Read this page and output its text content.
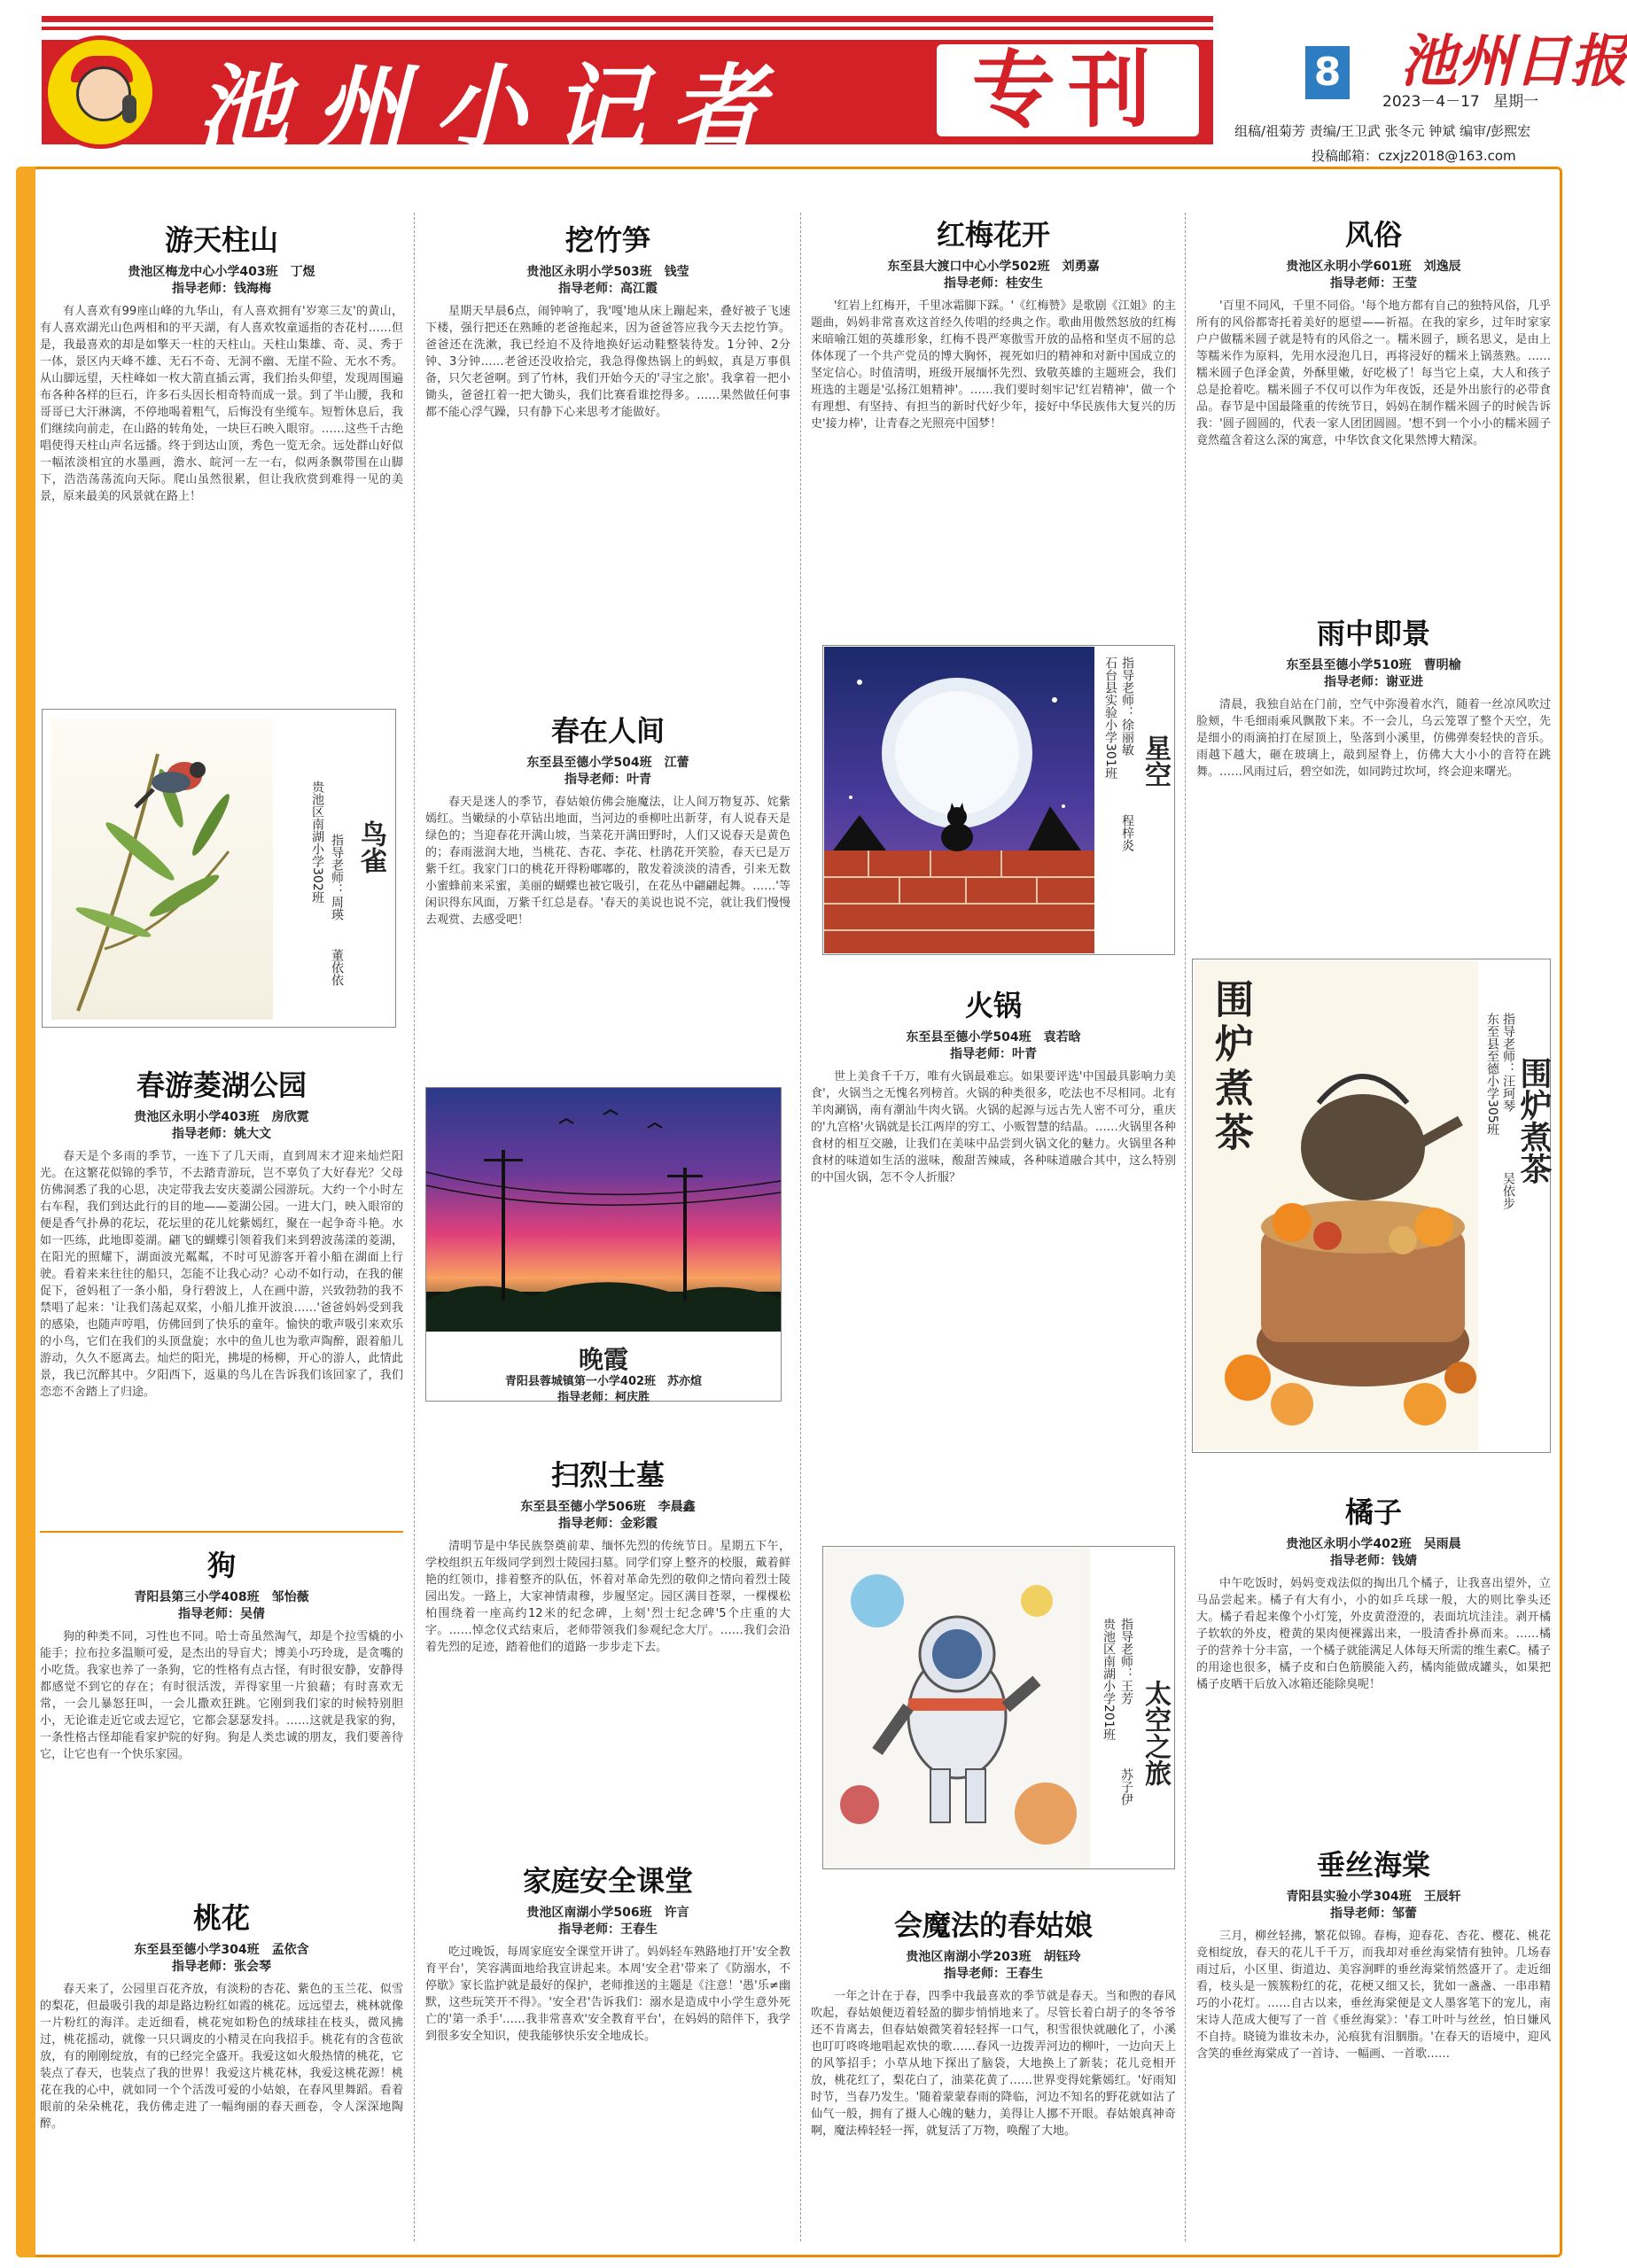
池州小记者	专刊	8 池州日报
2023－4－17 星期一
组稿/祖菊芳 责编/王卫武 张冬元 钟斌 编审/彭熙宏
投稿邮箱：czxjz2018@163.com
游天柱山
贵池区梅龙中心小学403班　丁煜
指导老师：钱海梅
有人喜欢有99座山峰的九华山，有人喜欢拥有'岁寒三友'的黄山，有人喜欢湖光山色两相和的平天湖，有人喜欢牧童遥指的杏花村……但是，我最喜欢的却是如擎天一柱的天柱山。天柱山集雄、奇、灵、秀于一体，景区内天峰不雄、无石不奇、无洞不幽、无崖不险、无水不秀。从山脚远望，天柱峰如一枚大箭直插云霄，我们抬头仰望，发现周围遍布各种各样的巨石，许多石头因长相奇特而成一景。到了半山腰，我和哥哥已大汗淋漓，不停地喝着粗气，后悔没有坐缆车。短暂休息后，我们继续向前走，在山路的转角处，一块巨石映入眼帘。……这些千古绝唱使得天柱山声名远播。终于到达山顶，秀色一览无余。远处群山好似一幅浓淡相宜的水墨画，澹水、皖河一左一右，似两条飘带围在山脚下，浩浩荡荡流向天际。爬山虽然很累，但让我欣赏到难得一见的美景，原来最美的风景就在路上！
鸟雀
贵池区南湖小学302班 指导老师：周瑛
董依依
春游菱湖公园
贵池区永明小学403班　房欣霓
指导老师：姚大文
春天是个多雨的季节，一连下了几天雨，直到周末才迎来灿烂阳光。在这繁花似锦的季节，不去踏青游玩，岂不辜负了大好春光？父母仿佛洞悉了我的心思，决定带我去安庆菱湖公园游玩。大约一个小时左右车程，我们到达此行的目的地——菱湖公园。一进大门，映入眼帘的便是香气扑鼻的花坛，花坛里的花儿姹紫嫣红，聚在一起争奇斗艳。水如一匹练，此地即菱湖。翩飞的蝴蝶引领着我们来到碧波荡漾的菱湖，在阳光的照耀下，湖面波光粼粼，不时可见游客开着小船在湖面上行驶。看着来来往往的船只，怎能不让我心动？心动不如行动，在我的催促下，爸妈租了一条小船，身行碧波上，人在画中游，兴致勃勃的我不禁唱了起来：'让我们荡起双桨，小船儿推开波浪……'爸爸妈妈受到我的感染，也随声哼唱，仿佛回到了快乐的童年。愉快的歌声吸引来欢乐的小鸟，它们在我们的头顶盘旋；水中的鱼儿也为歌声陶醉，跟着船儿游动，久久不愿离去。灿烂的阳光，拂堤的杨柳，开心的游人，此情此景，我已沉醉其中。夕阳西下，返巢的鸟儿在告诉我们该回家了，我们恋恋不舍踏上了归途。
狗
青阳县第三小学408班　邹怡薇
指导老师：吴倩
狗的种类不同，习性也不同。哈士奇虽然淘气，却是个拉雪橇的小能手；拉布拉多温顺可爱，是杰出的导盲犬；博美小巧玲珑，是贪嘴的小吃货。我家也养了一条狗，它的性格有点古怪，有时很安静，安静得都感觉不到它的存在；有时很活泼，弄得家里一片狼藉；有时喜欢无常，一会儿暴怒狂叫，一会儿撒欢狂跳。它刚到我们家的时候特别胆小，无论谁走近它或去逗它，它都会瑟瑟发抖。……这就是我家的狗，一条性格古怪却能看家护院的好狗。狗是人类忠诚的朋友，我们要善待它，让它也有一个快乐家园。
桃花
东至县至德小学304班　孟依含
指导老师：张会琴
春天来了，公园里百花齐放，有淡粉的杏花、紫色的玉兰花、似雪的梨花，但最吸引我的却是路边粉红如霞的桃花。远远望去，桃林就像一片粉红的海洋。走近细看，桃花宛如粉色的绒球挂在枝头，微风拂过，桃花摇动，就像一只只调皮的小精灵在向我招手。桃花有的含苞欲放，有的刚刚绽放，有的已经完全盛开。我爱这如火般热情的桃花，它装点了春天，也装点了我的世界！我爱这片桃花林，我爱这桃花源！桃花在我的心中，就如同一个个活泼可爱的小姑娘，在春风里舞蹈。看着眼前的朵朵桃花，我仿佛走进了一幅绚丽的春天画卷，令人深深地陶醉。
挖竹笋
贵池区永明小学503班　钱莹
指导老师：高江霞
星期天早晨6点，闹钟响了，我'嘎'地从床上蹦起来，叠好被子飞速下楼，强行把还在熟睡的老爸拖起来，因为爸爸答应我今天去挖竹笋。爸爸还在洗漱，我已经迫不及待地换好运动鞋整装待发。1分钟、2分钟、3分钟……老爸还没收拾完，我急得像热锅上的蚂蚁，真是万事俱备，只欠老爸啊。到了竹林，我们开始今天的'寻宝之旅'。我拿着一把小锄头，爸爸扛着一把大锄头，我们比赛看谁挖得多。……果然做任何事都不能心浮气躁，只有静下心来思考才能做好。
春在人间
东至县至德小学504班　江蕾
指导老师：叶青
春天是迷人的季节，春姑娘仿佛会施魔法，让人间万物复苏、姹紫嫣红。当嫩绿的小草钻出地面，当河边的垂柳吐出新芽，有人说春天是绿色的；当迎春花开满山坡，当菜花开满田野时，人们又说春天是黄色的；春雨滋润大地，当桃花、杏花、李花、杜鹃花开笑脸，春天已是万紫千红。我家门口的桃花开得粉嘟嘟的，散发着淡淡的清香，引来无数小蜜蜂前来采蜜，美丽的蝴蝶也被它吸引，在花丛中翩翩起舞。……'等闲识得东风面，万紫千红总是春。'春天的美说也说不完，就让我们慢慢去观赏、去感受吧！
晚霞
青阳县蓉城镇第一小学402班　苏亦煊
指导老师：柯庆胜
扫烈士墓
东至县至德小学506班　李晨鑫
指导老师：金彩霞
清明节是中华民族祭奠前辈、缅怀先烈的传统节日。星期五下午，学校组织五年级同学到烈士陵园扫墓。同学们穿上整齐的校服，戴着鲜艳的红领巾，排着整齐的队伍，怀着对革命先烈的敬仰之情向着烈士陵园出发。一路上，大家神情肃穆，步履坚定。园区满目苍翠，一棵棵松柏围绕着一座高约12米的纪念碑，上刻'烈士纪念碑'5个庄重的大字。……悼念仪式结束后，老师带领我们参观纪念大厅。……我们会沿着先烈的足迹，踏着他们的道路一步步走下去。
家庭安全课堂
贵池区南湖小学506班　许言
指导老师：王春生
吃过晚饭，每周家庭安全课堂开讲了。妈妈轻车熟路地打开'安全教育平台'，笑容满面地给我宣讲起来。本周'安全君'带来了《防溺水，不停歇》家长监护就是最好的保护，老师推送的主题是《注意！'愚'乐≠幽默，这些玩笑开不得》。'安全君'告诉我们：溺水是造成中小学生意外死亡的'第一杀手'……我非常喜欢'安全教育平台'，在妈妈的陪伴下，我学到很多安全知识，使我能够快乐安全地成长。
红梅花开
东至县大渡口中心小学502班　刘勇嘉
指导老师：桂安生
'红岩上红梅开，千里冰霜脚下踩。'《红梅赞》是歌剧《江姐》的主题曲，妈妈非常喜欢这首经久传唱的经典之作。歌曲用傲然怒放的红梅来暗喻江姐的英雄形象，红梅不畏严寒傲雪开放的品格和坚贞不屈的总体体现了一个共产党员的博大胸怀，视死如归的精神和对新中国成立的坚定信心。时值清明，班级开展缅怀先烈、致敬英雄的主题班会，我们班选的主题是'弘扬江姐精神'。……我们要时刻牢记'红岩精神'，做一个有理想、有坚持、有担当的新时代好少年，接好中华民族伟大复兴的历史'接力棒'，让青春之光照亮中国梦！
星空
石台县实验小学301班 指导老师：徐丽敏
程梓炎
火锅
东至县至德小学504班　袁若晗
指导老师：叶青
世上美食千千万，唯有火锅最难忘。如果要评选'中国最具影响力美食'，火锅当之无愧名列榜首。火锅的种类很多，吃法也不尽相同。北有羊肉涮锅，南有潮汕牛肉火锅。火锅的起源与远古先人密不可分，重庆的'九宫格'火锅就是长江两岸的穷工、小贩智慧的结晶。……火锅里各种食材的相互交融，让我们在美味中品尝到火锅文化的魅力。火锅里各种食材的味道如生活的滋味，酸甜苦辣咸，各种味道融合其中，这么特别的中国火锅，怎不令人折服？
太空之旅
贵池区南湖小学201班 指导老师：王芳
苏子伊
会魔法的春姑娘
贵池区南湖小学203班　胡钰玲
指导老师：王春生
一年之计在于春，四季中我最喜欢的季节就是春天。当和煦的春风吹起，春姑娘便迈着轻盈的脚步悄悄地来了。尽管长着白胡子的冬爷爷还不肯离去，但春姑娘微笑着轻轻挥一口气，积雪很快就融化了，小溪也叮叮咚咚地唱起欢快的歌……春风一边拨弄河边的柳叶，一边向天上的风筝招手；小草从地下探出了脑袋，大地换上了新装；花儿竞相开放，桃花红了，梨花白了，油菜花黄了……世界变得姹紫嫣红。'好雨知时节，当春乃发生。'随着蒙蒙春雨的降临，河边不知名的野花就如沾了仙气一般，拥有了摄人心魄的魅力，美得让人挪不开眼。春姑娘真神奇啊，魔法棒轻轻一挥，就复活了万物，唤醒了大地。
风俗
贵池区永明小学601班　刘逸辰
指导老师：王莹
'百里不同风，千里不同俗。'每个地方都有自己的独特风俗，几乎所有的风俗都寄托着美好的愿望——祈福。在我的家乡，过年时家家户户做糯米圆子就是特有的风俗之一。糯米圆子，顾名思义，是由上等糯米作为原料，先用水浸泡几日，再将浸好的糯米上锅蒸熟。……糯米圆子色泽金黄，外酥里嫩，好吃极了！每当它上桌，大人和孩子总是抢着吃。糯米圆子不仅可以作为年夜饭，还是外出旅行的必带食品。春节是中国最隆重的传统节日，妈妈在制作糯米圆子的时候告诉我：'圆子圆圆的，代表一家人团团圆圆。'想不到一个小小的糯米圆子竟然蕴含着这么深的寓意，中华饮食文化果然博大精深。
雨中即景
东至县至德小学510班　曹明榆
指导老师：谢亚进
清晨，我独自站在门前，空气中弥漫着水汽，随着一丝凉风吹过脸颊，牛毛细雨乘风飘散下来。不一会儿，乌云笼罩了整个天空，先是细小的雨滴拍打在屋顶上，坠落到小溪里，仿佛弹奏轻快的音乐。雨越下越大，砸在玻璃上，敲到屋脊上，仿佛大大小小的音符在跳舞。……风雨过后，碧空如洗，如同跨过坎坷，终会迎来曙光。
围炉煮茶	围炉煮茶
东至县至德小学305班 指导老师：汪珂琴
吴依步
橘子
贵池区永明小学402班　吴雨晨
指导老师：钱婧
中午吃饭时，妈妈变戏法似的掏出几个橘子，让我喜出望外，立马品尝起来。橘子有大有小，小的如乒乓球一般，大的则比拳头还大。橘子看起来像个小灯笼，外皮黄澄澄的，表面坑坑洼洼。剥开橘子软软的外皮，橙黄的果肉便裸露出来，一股清香扑鼻而来。……橘子的营养十分丰富，一个橘子就能满足人体每天所需的维生素C。橘子的用途也很多，橘子皮和白色筋膜能入药，橘肉能做成罐头，如果把橘子皮晒干后放入冰箱还能除臭呢！
垂丝海棠
青阳县实验小学304班　王辰轩
指导老师：邹蕾
三月，柳丝轻拂，繁花似锦。春梅，迎春花、杏花、樱花、桃花竞相绽放，春天的花儿千千万，而我却对垂丝海棠情有独钟。几场春雨过后，小区里、街道边、美容涧畔的垂丝海棠悄然盛开了。走近细看，枝头是一簇簇粉红的花，花梗又细又长，犹如一盏盏、一串串精巧的小花灯。……自古以来，垂丝海棠便是文人墨客笔下的宠儿，南宋诗人范成大便写了一首《垂丝海棠》：'春工叶叶与丝丝，怕日嫌风不自持。晓镜为谁妆未办，沁痕犹有泪胭脂。'在春天的语境中，迎风含笑的垂丝海棠成了一首诗、一幅画、一首歌……
